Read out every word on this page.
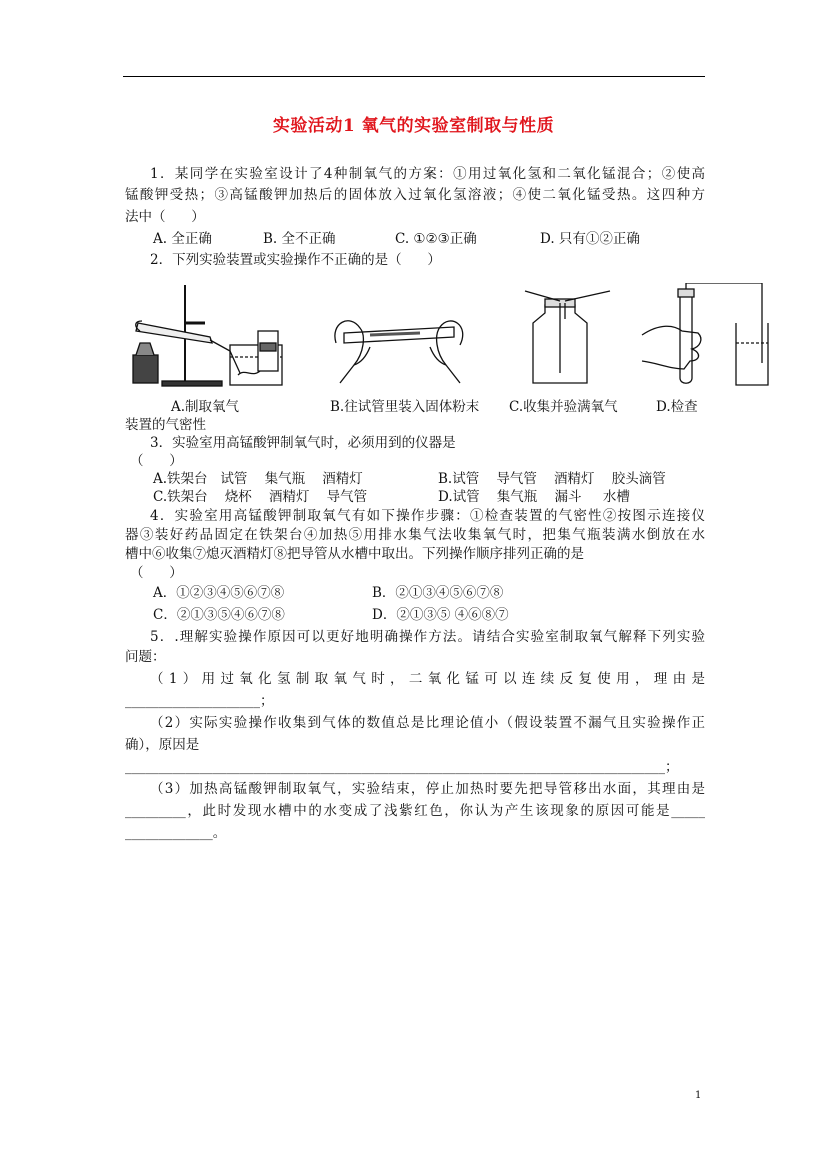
实验活动1 氧气的实验室制取与性质
1．某同学在实验室设计了4种制氧气的方案：①用过氧化氢和二氧化锰混合；②使高
锰酸钾受热；③高锰酸钾加热后的固体放入过氧化氢溶液；④使二氧化锰受热。这四种方
法中（      ）
A. 全正确	B. 全不正确	C. ①②③正确	D. 只有①②正确
2．下列实验装置或实验操作不正确的是（      ）
A.制取氧气	B.往试管里装入固体粉末 C.收集并验满氧气	D.检查
装置的气密性
3．实验室用高锰酸钾制氧气时，必须用到的仪器是
（      ）
A.铁架台   试管    集气瓶    酒精灯	B.试管    导气管    酒精灯    胶头滴管
C.铁架台    烧杯    酒精灯    导气管	D.试管    集气瓶    漏斗     水槽
4．实验室用高锰酸钾制取氧气有如下操作步骤：①检查装置的气密性②按图示连接仪
器③装好药品固定在铁架台④加热⑤用排水集气法收集氧气时，把集气瓶装满水倒放在水
槽中⑥收集⑦熄灭酒精灯⑧把导管从水槽中取出。下列操作顺序排列正确的是
（      ）
A．①②③④⑤⑥⑦⑧	B．②①③④⑤⑥⑦⑧
C．②①③⑤④⑥⑦⑧	D．②①③⑤ ④⑥⑧⑦
5．.理解实验操作原因可以更好地明确操作方法。请结合实验室制取氧气解释下列实验
问题：
（1）用过氧化氢制取氧气时，二氧化锰可以连续反复使用，理由是
____________________；
（2）实际实验操作收集到气体的数值总是比理论值小（假设装置不漏气且实验操作正
确），原因是
________________________________________________________________________________；
（3）加热高锰酸钾制取氧气，实验结束，停止加热时要先把导管移出水面，其理由是
_________，此时发现水槽中的水变成了浅紫红色，你认为产生该现象的原因可能是_____
_____________。
1
